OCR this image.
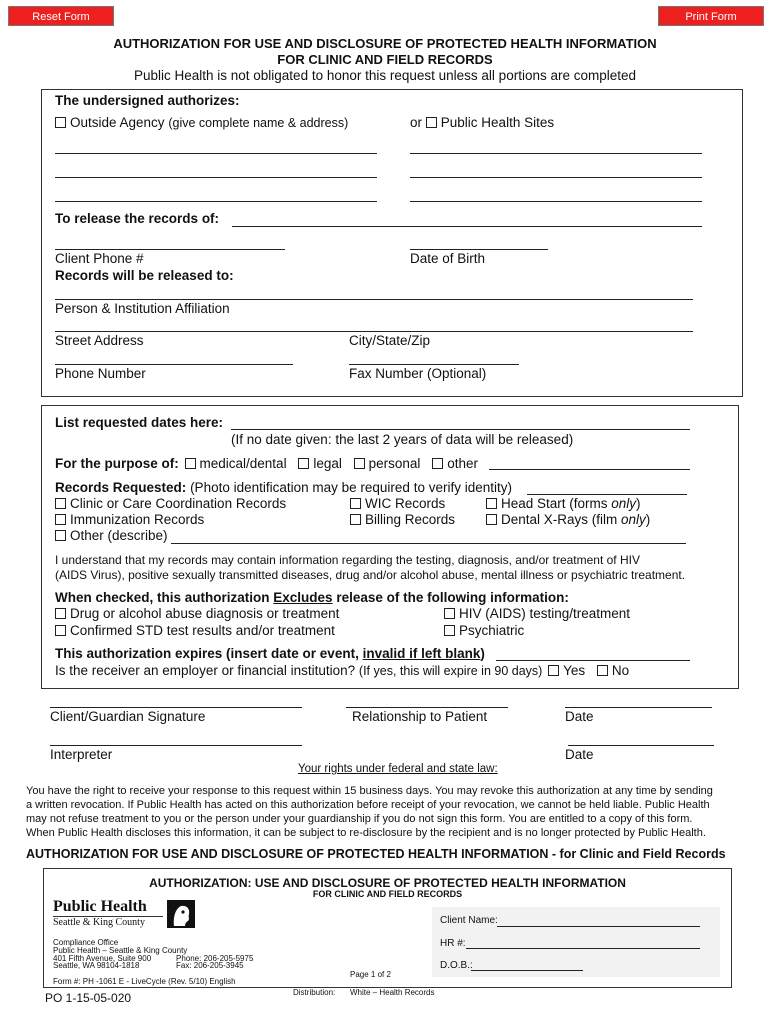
Reset Form	Print Form
AUTHORIZATION FOR USE AND DISCLOSURE OF PROTECTED HEALTH INFORMATION
FOR CLINIC AND FIELD RECORDS
Public Health is not obligated to honor this request unless all portions are completed
The undersigned authorizes:
Outside Agency (give complete name & address)	or Public Health Sites
To release the records of:
Client Phone #	Date of Birth
Records will be released to:
Person & Institution Affiliation
Street Address	City/State/Zip
Phone Number	Fax Number (Optional)
List requested dates here:
(If no date given: the last 2 years of data will be released)
For the purpose of: medical/dental legal personal other
Records Requested: (Photo identification may be required to verify identity)
Clinic or Care Coordination Records	WIC Records	Head Start (forms only)
Immunization Records	Billing Records	Dental X-Rays (film only)
Other (describe)
I understand that my records may contain information regarding the testing, diagnosis, and/or treatment of HIV
(AIDS Virus), positive sexually transmitted diseases, drug and/or alcohol abuse, mental illness or psychiatric treatment.
When checked, this authorization Excludes release of the following information:
Drug or alcohol abuse diagnosis or treatment	HIV (AIDS) testing/treatment
Confirmed STD test results and/or treatment	Psychiatric
This authorization expires (insert date or event, invalid if left blank)
Is the receiver an employer or financial institution? (If yes, this will expire in 90 days) Yes No
Client/Guardian Signature	Relationship to Patient	Date
Interpreter	Date
Your rights under federal and state law:
You have the right to receive your response to this request within 15 business days. You may revoke this authorization at any time by sending
a written revocation. If Public Health has acted on this authorization before receipt of your revocation, we cannot be held liable. Public Health
may not refuse treatment to you or the person under your guardianship if you do not sign this form. You are entitled to a copy of this form.
When Public Health discloses this information, it can be subject to re-disclosure by the recipient and is no longer protected by Public Health.
AUTHORIZATION FOR USE AND DISCLOSURE OF PROTECTED HEALTH INFORMATION - for Clinic and Field Records
AUTHORIZATION: USE AND DISCLOSURE OF PROTECTED HEALTH INFORMATION
FOR CLINIC AND FIELD RECORDS
Public Health
Seattle & King County
Compliance Office
Public Health – Seattle & King County
401 Fifth Avenue, Suite 900
Seattle, WA 98104-1818
Phone: 206-205-5975
Fax: 206-205-3945
Page 1 of 2
Form #: PH -1061 E - LiveCycle (Rev. 5/10) English
Client Name:
HR #:
D.O.B.:
PO 1-15-05-020	Distribution: White – Health Records
